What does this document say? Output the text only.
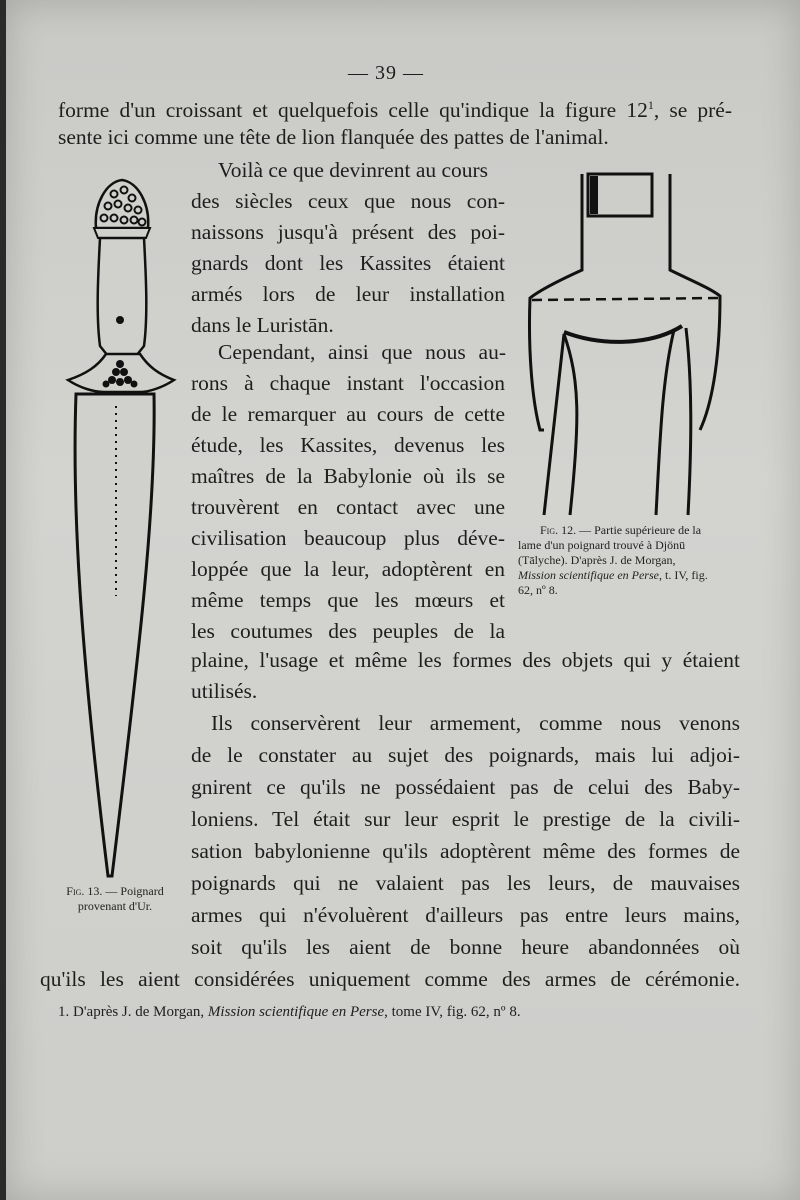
— 39 —
forme d'un croissant et quelquefois celle qu'indique la figure $12^1$, se pré-
sente ici comme une tête de lion flanquée des pattes de l'animal.
Voilà ce que devinrent au cours
des siècles ceux que nous con-
naissons jusqu'à présent des poi-
gnards dont les Kassites étaient
armés lors de leur installation
dans le Luristān.
Cependant, ainsi que nous au-
rons à chaque instant l'occasion
de le remarquer au cours de cette
étude, les Kassites, devenus les
maîtres de la Babylonie où ils se
trouvèrent en contact avec une
civilisation beaucoup plus déve-
loppée que la leur, adoptèrent en
même temps que les mœurs et
les coutumes des peuples de la
plaine, l'usage et même les formes des objets qui y étaient
utilisés.
Ils conservèrent leur armement, comme nous venons
de le constater au sujet des poignards, mais lui adjoi-
gnirent ce qu'ils ne possédaient pas de celui des Baby-
loniens. Tel était sur leur esprit le prestige de la civili-
sation babylonienne qu'ils adoptèrent même des formes de
poignards qui ne valaient pas les leurs, de mauvaises
armes qui n'évoluèrent d'ailleurs pas entre leurs mains,
soit qu'ils les aient de bonne heure abandonnées où
qu'ils les aient considérées uniquement comme des armes de cérémonie.
1. D'après J. de Morgan, Mission scientifique en Perse, tome IV, fig. 62, nº 8.
Fig. 13. — Poignard
provenant d'Ur.
Fig. 12. — Partie supérieure de la
lame d'un poignard trouvé à Djönū
(Tālyche). D'après J. de Morgan,
Mission scientifique en Perse, t. IV, fig.
62, nº 8.
